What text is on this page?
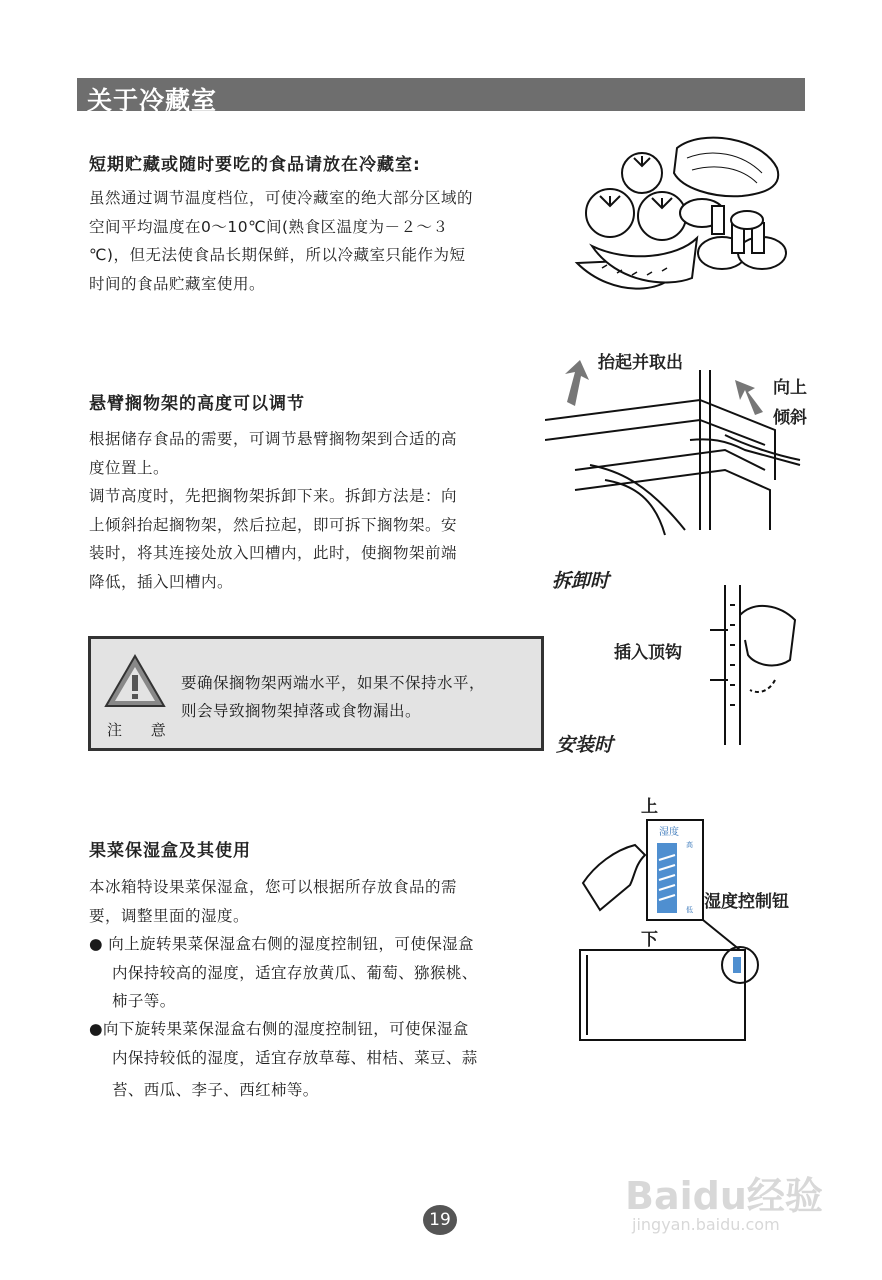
关于冷藏室
短期贮藏或随时要吃的食品请放在冷藏室:
虽然通过调节温度档位，可使冷藏室的绝大部分区域的
空间平均温度在0～10℃间(熟食区温度为－２～３
℃)，但无法使食品长期保鲜，所以冷藏室只能作为短
时间的食品贮藏室使用。
悬臂搁物架的高度可以调节
根据储存食品的需要，可调节悬臂搁物架到合适的高
度位置上。
调节高度时，先把搁物架拆卸下来。拆卸方法是：向
上倾斜抬起搁物架，然后拉起，即可拆下搁物架。安
装时，将其连接处放入凹槽内，此时，使搁物架前端
降低，插入凹槽内。
抬起并取出
向上
倾斜
拆卸时
插入顶钩
安装时
注 意
要确保搁物架两端水平，如果不保持水平，
则会导致搁物架掉落或食物漏出。
果菜保湿盒及其使用
本冰箱特设果菜保湿盒，您可以根据所存放食品的需
要，调整里面的湿度。
● 向上旋转果菜保湿盒右侧的湿度控制钮，可使保湿盒
内保持较高的湿度，适宜存放黄瓜、葡萄、猕猴桃、
柿子等。
●向下旋转果菜保湿盒右侧的湿度控制钮，可使保湿盒
内保持较低的湿度，适宜存放草莓、柑桔、菜豆、蒜
苔、西瓜、李子、西红柿等。
湿度
高
低
上
下
湿度控制钮
19
Baidu经验
jingyan.baidu.com
